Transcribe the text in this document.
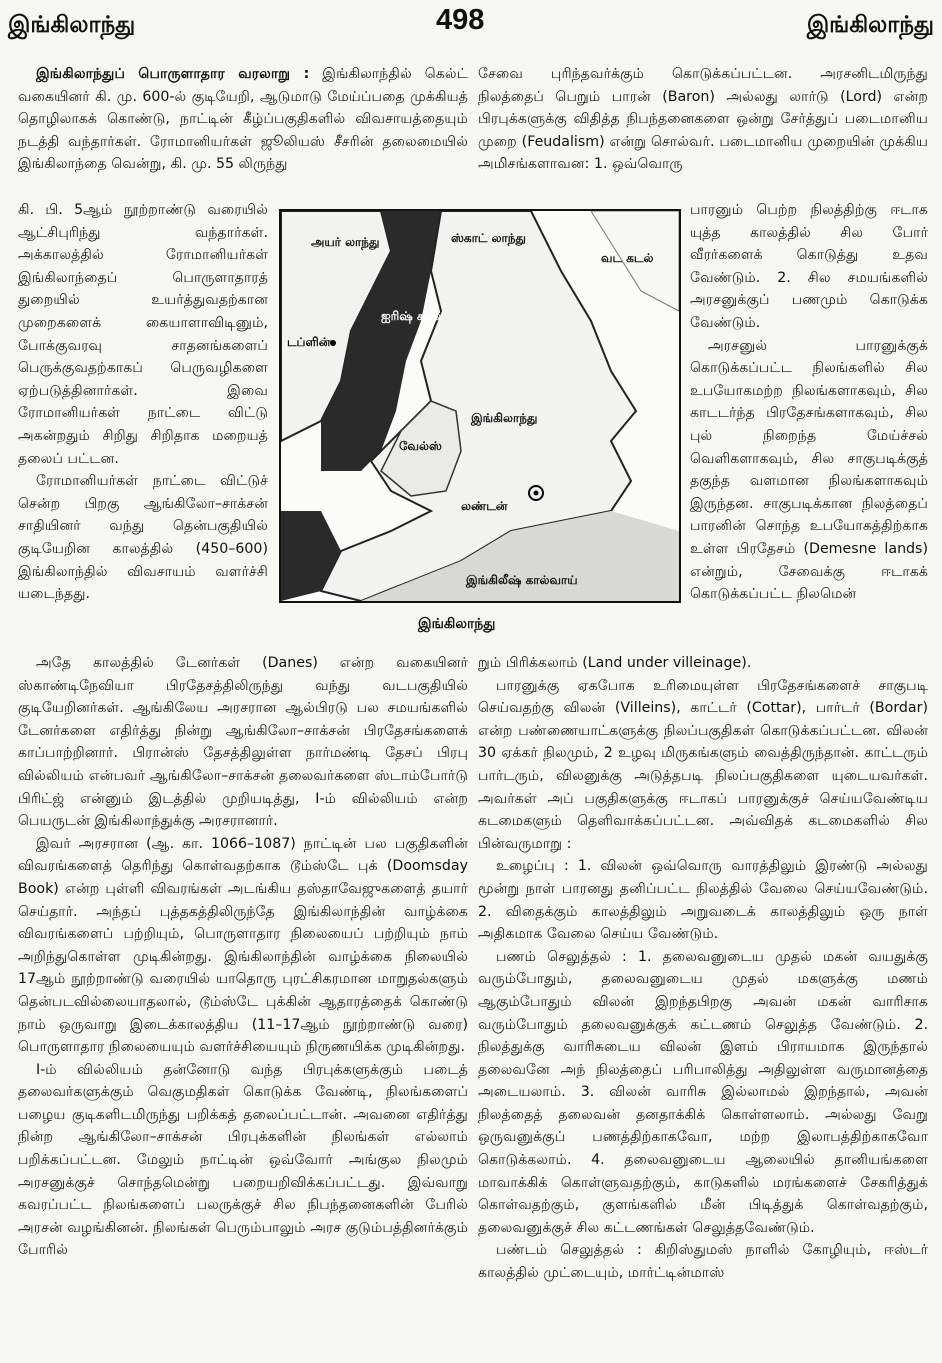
இங்கிலாந்து	498	இங்கிலாந்து

இங்கிலாந்துப் பொருளாதார வரலாறு : இங்கிலாந்தில் கெல்ட் வகையினர் கி. மு. 600-ல் குடியேறி, ஆடுமாடு மேய்ப்பதை முக்கியத் தொழிலாகக் கொண்டு, நாட்டின் கீழ்ப்பகுதிகளில் விவசாயத்தையும் நடத்தி வந்தார்கள். ரோமானியர்கள் ஜூலியஸ் சீசரின் தலைமையில் இங்கிலாந்தை வென்று, கி. மு. 55 லிருந்து

கி. பி. 5ஆம் நூற்றாண்டு வரையில் ஆட்சிபுரிந்து வந்தார்கள். அக்காலத்தில் ரோமானியர்கள் இங்கிலாந்தைப் பொருளாதாரத் துறையில் உயர்த்துவதற்கான முறைகளைக் கையாளாவிடினும், போக்குவரவு சாதனங்களைப் பெருக்குவதற்காகப் பெருவழிகளை ஏற்படுத்தினார்கள். இவை ரோமானியர்கள் நாட்டை விட்டு அகன்றதும் சிறிது சிறிதாக மறையத் தலைப் பட்டன.

ரோமானியர்கள் நாட்டை விட்டுச் சென்ற பிறகு ஆங்கிலோ–சாக்சன் சாதியினர் வந்து தென்பகுதியில் குடியேறின காலத்தில் (450–600) இங்கிலாந்தில் விவசாயம் வளர்ச்சி யடைந்தது.

அதே காலத்தில் டேனர்கள் (Danes) என்ற வகையினர் ஸ்காண்டிநேவியா பிரதேசத்திலிருந்து வந்து வடபகுதியில் குடியேறினர்கள். ஆங்கிலேய அரசரான ஆல்பிரடு பல சமயங்களில் டேனர்களை எதிர்த்து நின்று ஆங்கிலோ–சாக்சன் பிரதேசங்களைக் காப்பாற்றினார். பிரான்ஸ் தேசத்திலுள்ள நார்மண்டி தேசப் பிரபு வில்லியம் என்பவர் ஆங்கிலோ–சாக்சன் தலைவர்களை ஸ்டாம்போர்டு பிரிட்ஜ் என்னும் இடத்தில் முறியடித்து, I-ம் வில்லியம் என்ற பெயருடன் இங்கிலாந்துக்கு அரசரானார்.

இவர் அரசரான (ஆ. கா. 1066–1087) நாட்டின் பல பகுதிகளின் விவரங்களைத் தெரிந்து கொள்வதற்காக டூம்ஸ்டே புக் (Doomsday Book) என்ற புள்ளி விவரங்கள் அடங்கிய தஸ்தாவேஜுகளைத் தயார் செய்தார். அந்தப் புத்தகத்திலிருந்தே இங்கிலாந்தின் வாழ்க்கை விவரங்களைப் பற்றியும், பொருளாதார நிலையைப் பற்றியும் நாம் அறிந்துகொள்ள முடிகின்றது. இங்கிலாந்தின் வாழ்க்கை நிலையில் 17ஆம் நூற்றாண்டு வரையில் யாதொரு புரட்சிகரமான மாறுதல்களும் தென்படவில்லையாதலால், டூம்ஸ்டே புக்கின் ஆதாரத்தைக் கொண்டு நாம் ஒருவாறு இடைக்காலத்திய (11–17ஆம் நூற்றாண்டு வரை) பொருளாதார நிலையையும் வளர்ச்சியையும் நிருணயிக்க முடிகின்றது.

I-ம் வில்லியம் தன்னோடு வந்த பிரபுக்களுக்கும் படைத் தலைவர்களுக்கும் வெகுமதிகள் கொடுக்க வேண்டி, நிலங்களைப் பழைய குடிகளிடமிருந்து பறிக்கத் தலைப்பட்டான். அவனை எதிர்த்து நின்ற ஆங்கிலோ–சாக்சன் பிரபுக்களின் நிலங்கள் எல்லாம் பறிக்கப்பட்டன. மேலும் நாட்டின் ஒவ்வோர் அங்குல நிலமும் அரசனுக்குச் சொந்தமென்று பறையறிவிக்கப்பட்டது. இவ்வாறு கவரப்பட்ட நிலங்களைப் பலருக்குச் சில நிபந்தனைகளின் பேரில் அரசன் வழங்கினன். நிலங்கள் பெரும்பாலும் அரச குடும்பத்தினர்க்கும் போரில்

அயர் லாந்து	ஸ்காட் லாந்து
ஐரிஷ் கடல்
வட கடல்
டப்ளின்
வேல்ஸ்
இங்கிலாந்து
லண்டன்
இங்கிலீஷ் கால்வாய்
இங்கிலாந்து

சேவை புரிந்தவர்க்கும் கொடுக்கப்பட்டன. அரசனிடமிருந்து நிலத்தைப் பெறும் பாரன் (Baron) அல்லது லார்டு (Lord) என்ற பிரபுக்களுக்கு விதித்த நிபந்தனைகளை ஒன்று சேர்த்துப் படைமானிய முறை (Feudalism) என்று சொல்வர். படைமானிய முறையின் முக்கிய அமிசங்களாவன: 1. ஒவ்வொரு

பாரனும் பெற்ற நிலத்திற்கு ஈடாக யுத்த காலத்தில் சில போர் வீரர்களைக் கொடுத்து உதவ வேண்டும். 2. சில சமயங்களில் அரசனுக்குப் பணமும் கொடுக்க வேண்டும்.

அரசனுல் பாரனுக்குக் கொடுக்கப்பட்ட நிலங்களில் சில உபயோகமற்ற நிலங்களாகவும், சில காடடர்ந்த பிரதேசங்களாகவும், சில புல் நிறைந்த மேய்ச்சல் வெளிகளாகவும், சில சாகுபடிக்குத் தகுந்த வளமான நிலங்களாகவும் இருந்தன. சாகுபடிக்கான நிலத்தைப் பாரனின் சொந்த உபயோகத்திற்காக உள்ள பிரதேசம் (Demesne lands) என்றும், சேவைக்கு ஈடாகக் கொடுக்கப்பட்ட நிலமென்

றும் பிரிக்கலாம் (Land under villeinage).

பாரனுக்கு ஏகபோக உரிமையுள்ள பிரதேசங்களைச் சாகுபடி செய்வதற்கு விலன் (Villeins), காட்டர் (Cottar), பார்டர் (Bordar) என்ற பண்ணையாட்களுக்கு நிலப்பகுதிகள் கொடுக்கப்பட்டன. விலன் 30 ஏக்கர் நிலமும், 2 உழவு மிருகங்களும் வைத்திருந்தான். காட்டரும் பார்டரும், விலனுக்கு அடுத்தபடி நிலப்பகுதிகளை யுடையவர்கள். அவர்கள் அப் பகுதிகளுக்கு ஈடாகப் பாரனுக்குச் செய்யவேண்டிய கடமைகளும் தெளிவாக்கப்பட்டன. அவ்விதக் கடமைகளில் சில பின்வருமாறு :

உழைப்பு : 1. விலன் ஒவ்வொரு வாரத்திலும் இரண்டு அல்லது மூன்று நாள் பாரனது தனிப்பட்ட நிலத்தில் வேலை செய்யவேண்டும். 2. விதைக்கும் காலத்திலும் அறுவடைக் காலத்திலும் ஒரு நாள் அதிகமாக வேலை செய்ய வேண்டும்.

பணம் செலுத்தல் : 1. தலைவனுடைய முதல் மகன் வயதுக்கு வரும்போதும், தலைவனுடைய முதல் மகளுக்கு மணம் ஆகும்போதும் விலன் இறந்தபிறகு அவன் மகன் வாரிசாக வரும்போதும் தலைவனுக்குக் கட்டணம் செலுத்த வேண்டும். 2. நிலத்துக்கு வாரிசுடைய விலன் இளம் பிராயமாக இருந்தால் தலைவனே அந் நிலத்தைப் பரிபாலித்து அதிலுள்ள வருமானத்தை அடையலாம். 3. விலன் வாரிசு இல்லாமல் இறந்தால், அவன் நிலத்தைத் தலைவன் தனதாக்கிக் கொள்ளலாம். அல்லது வேறு ஒருவனுக்குப் பணத்திற்காகவோ, மற்ற இலாபத்திற்காகவோ கொடுக்கலாம். 4. தலைவனுடைய ஆலையில் தானியங்களை மாவாக்கிக் கொள்ளுவதற்கும், காடுகளில் மரங்களைச் சேகரித்துக் கொள்வதற்கும், குளங்களில் மீன் பிடித்துக் கொள்வதற்கும், தலைவனுக்குச் சில கட்டணங்கள் செலுத்தவேண்டும்.

பண்டம் செலுத்தல் : கிறிஸ்துமஸ் நாளில் கோழியும், ஈஸ்டர் காலத்தில் முட்டையும், மார்ட்டின்மாஸ்
